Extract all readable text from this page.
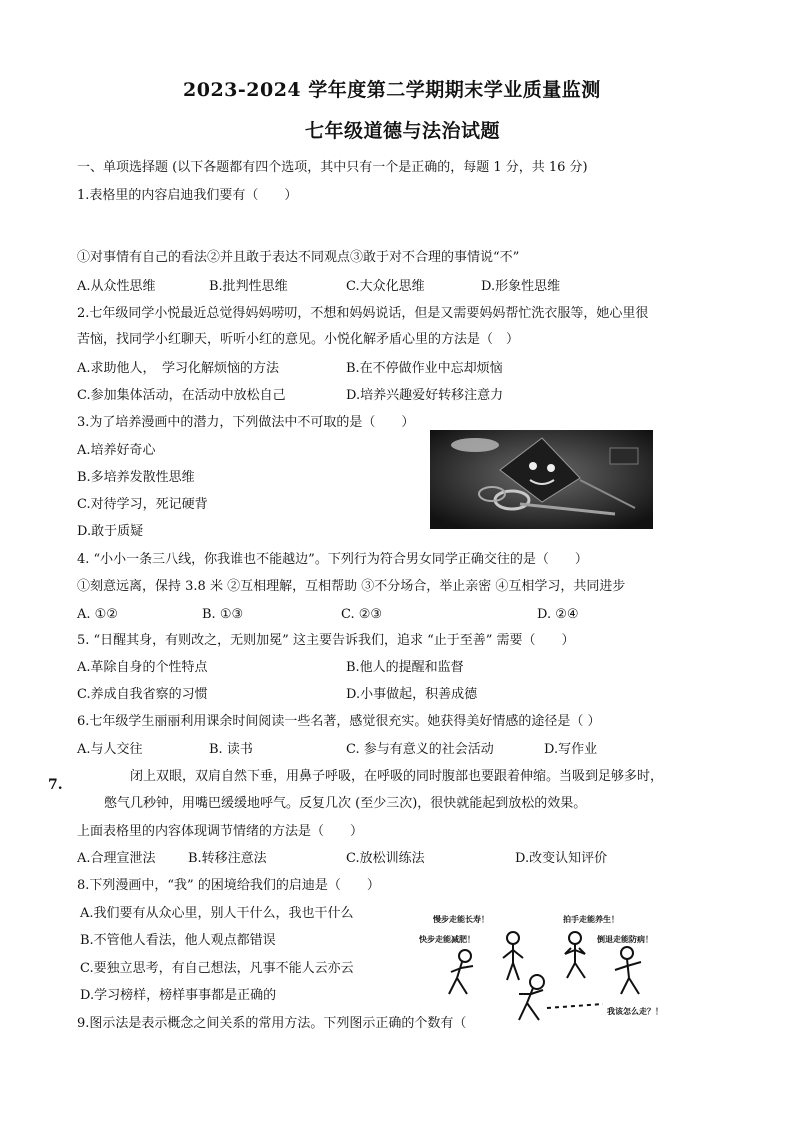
2023-2024 学年度第二学期期末学业质量监测
七年级道德与法治试题
一、单项选择题 (以下各题都有四个选项，其中只有一个是正确的，每题 1 分，共 16 分)
1.表格里的内容启迪我们要有（　　）
①对事情有自己的看法②并且敢于表达不同观点③敢于对不合理的事情说“不”
A.从众性思维	B.批判性思维	C.大众化思维	D.形象性思维
2.七年级同学小悦最近总觉得妈妈唠叨，不想和妈妈说话，但是又需要妈妈帮忙洗衣服等，她心里很
苦恼，找同学小红聊天，听听小红的意见。小悦化解矛盾心里的方法是（　）
A.求助他人，　学习化解烦恼的方法	B.在不停做作业中忘却烦恼
C.参加集体活动，在活动中放松自己	D.培养兴趣爱好转移注意力
3.为了培养漫画中的潜力，下列做法中不可取的是（　　）
A.培养好奇心
B.多培养发散性思维
C.对待学习，死记硬背
D.敢于质疑
4. “小小一条三八线，你我谁也不能越边”。下列行为符合男女同学正确交往的是（　　）
①刻意远离，保持 3.8 米 ②互相理解，互相帮助 ③不分场合，举止亲密 ④互相学习，共同进步
A. ①②	B. ①③	C. ②③	D. ②④
5. “日醒其身，有则改之，无则加冕” 这主要告诉我们，追求 “止于至善” 需要（　　）
A.革除自身的个性特点	B.他人的提醒和监督
C.养成自我省察的习惯	D.小事做起，积善成德
6.七年级学生丽丽利用课余时间阅读一些名著，感觉很充实。她获得美好情感的途径是（ ）
A.与人交往	B. 读书	C. 参与有意义的社会活动	D.写作业
7.
闭上双眼，双肩自然下垂，用鼻子呼吸，在呼吸的同时腹部也要跟着伸缩。当吸到足够多时，
憋气几秒钟，用嘴巴缓缓地呼气。反复几次 (至少三次)，很快就能起到放松的效果。
上面表格里的内容体现调节情绪的方法是（　　）
A.合理宣泄法 B.转移注意法	C.放松训练法	D.改变认知评价
8.下列漫画中，“我” 的困境给我们的启迪是（　　）
A.我们要有从众心里，别人干什么，我也干什么
B.不管他人看法，他人观点都错误
C.要独立思考，有自己想法，凡事不能人云亦云
D.学习榜样，榜样事事都是正确的
慢步走能长寿！	拍手走能养生！
快步走能减肥！	倒退走能防病！
我该怎么走？！
9.图示法是表示概念之间关系的常用方法。下列图示正确的个数有（
